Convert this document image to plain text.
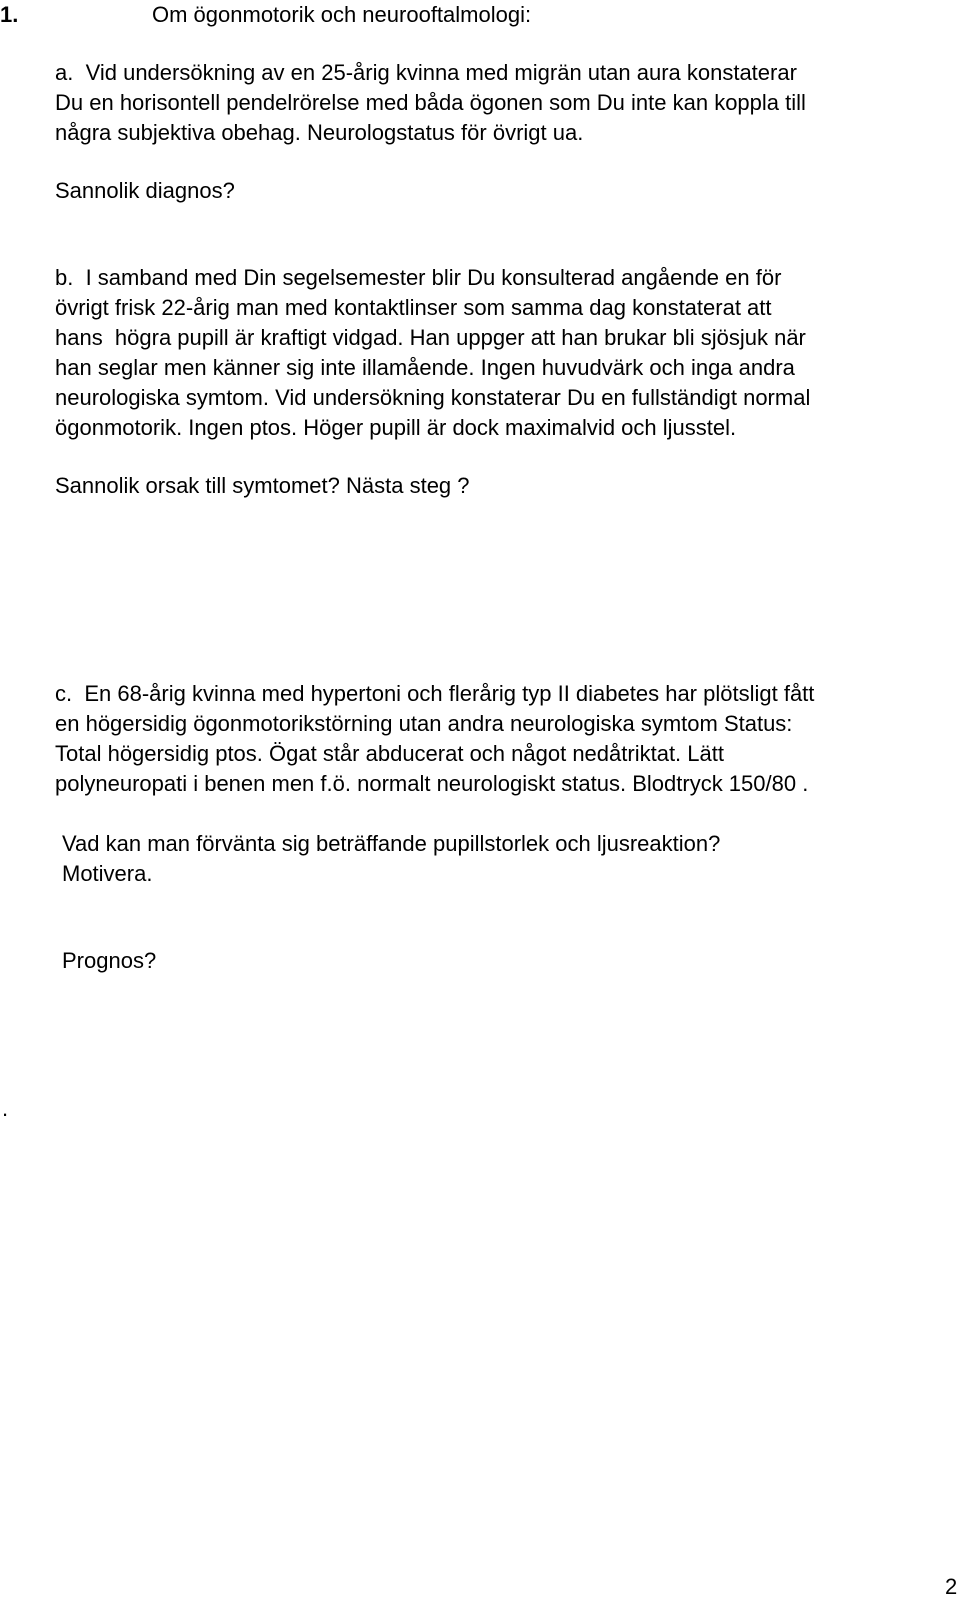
1.	Om ögonmotorik och neurooftalmologi:
a.  Vid undersökning av en 25-årig kvinna med migrän utan aura konstaterar
Du en horisontell pendelrörelse med båda ögonen som Du inte kan koppla till
några subjektiva obehag. Neurologstatus för övrigt ua.
Sannolik diagnos?
b.  I samband med Din segelsemester blir Du konsulterad angående en för
övrigt frisk 22-årig man med kontaktlinser som samma dag konstaterat att
hans  högra pupill är kraftigt vidgad. Han uppger att han brukar bli sjösjuk när
han seglar men känner sig inte illamående. Ingen huvudvärk och inga andra
neurologiska symtom. Vid undersökning konstaterar Du en fullständigt normal
ögonmotorik. Ingen ptos. Höger pupill är dock maximalvid och ljusstel.
Sannolik orsak till symtomet? Nästa steg ?
c.  En 68-årig kvinna med hypertoni och flerårig typ II diabetes har plötsligt fått
en högersidig ögonmotorikstörning utan andra neurologiska symtom Status:
Total högersidig ptos. Ögat står abducerat och något nedåtriktat. Lätt
polyneuropati i benen men f.ö. normalt neurologiskt status. Blodtryck 150/80 .
Vad kan man förvänta sig beträffande pupillstorlek och ljusreaktion?
Motivera.
Prognos?
.
2
